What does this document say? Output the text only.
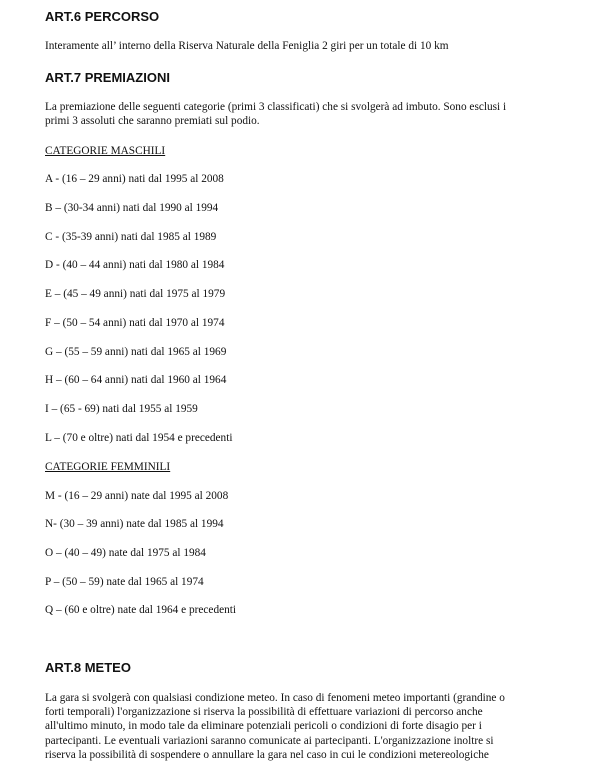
ART.6 PERCORSO
Interamente all’ interno della Riserva Naturale della Feniglia 2 giri per un totale di 10 km
ART.7 PREMIAZIONI
La premiazione delle seguenti categorie (primi 3 classificati) che si svolgerà ad imbuto. Sono esclusi i
primi 3 assoluti che saranno premiati sul podio.
CATEGORIE MASCHILI
A - (16 – 29 anni) nati dal 1995 al 2008
B – (30-34 anni) nati dal 1990 al 1994
C - (35-39 anni) nati dal 1985 al 1989
D - (40 – 44 anni) nati dal 1980 al 1984
E – (45 – 49 anni) nati dal 1975 al 1979
F – (50 – 54 anni) nati dal 1970 al 1974
G – (55 – 59 anni) nati dal 1965 al 1969
H – (60 – 64 anni) nati dal 1960 al 1964
I – (65 - 69) nati dal 1955 al 1959
L – (70 e oltre) nati dal 1954 e precedenti
CATEGORIE FEMMINILI
M - (16 – 29 anni) nate dal 1995 al 2008
N- (30 – 39 anni) nate dal 1985 al 1994
O – (40 – 49) nate dal 1975 al 1984
P – (50 – 59) nate dal 1965 al 1974
Q – (60 e oltre) nate dal 1964 e precedenti
ART.8 METEO
La gara si svolgerà con qualsiasi condizione meteo. In caso di fenomeni meteo importanti (grandine o
forti temporali) l'organizzazione si riserva la possibilità di effettuare variazioni di percorso anche
all'ultimo minuto, in modo tale da eliminare potenziali pericoli o condizioni di forte disagio per i
partecipanti. Le eventuali variazioni saranno comunicate ai partecipanti. L'organizzazione inoltre si
riserva la possibilità di sospendere o annullare la gara nel caso in cui le condizioni metereologiche
